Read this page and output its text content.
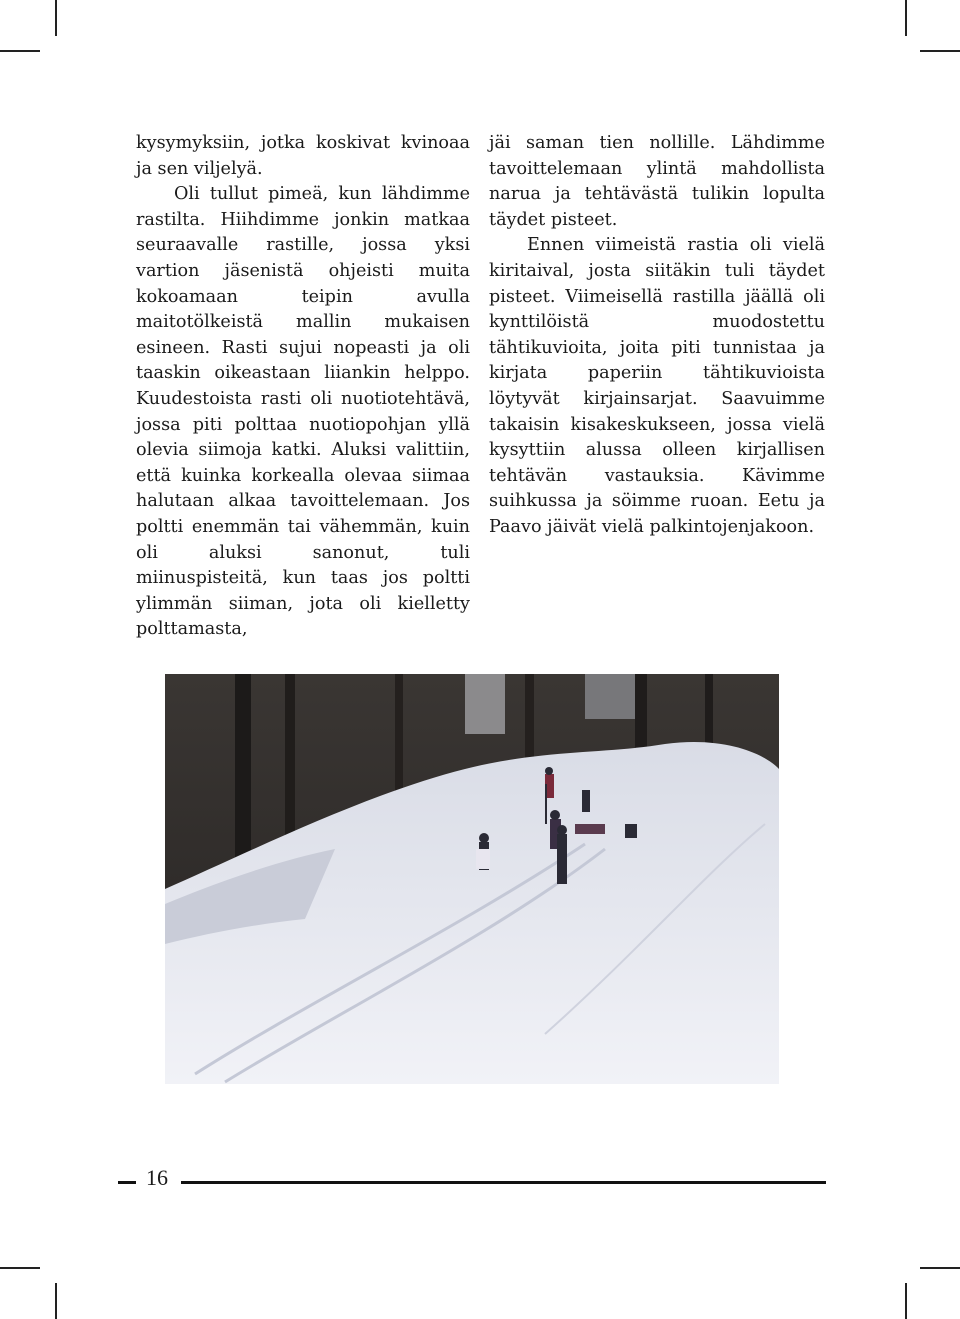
kysymyksiin, jotka koskivat kvinoaa ja sen viljelyä.

Oli tullut pimeä, kun lähdimme rastilta. Hiihdimme jonkin matkaa seuraavalle rastille, jossa yksi vartion jäsenistä ohjeisti muita kokoamaan teipin avulla maitotölkeistä mallin mukaisen esineen. Rasti sujui nopeasti ja oli taaskin oikeastaan liiankin helppo. Kuudestoista rasti oli nuotiotehtävä, jossa piti polttaa nuotiopohjan yllä olevia siimoja katki. Aluksi valittiin, että kuinka korkealla olevaa siimaa halutaan alkaa tavoittelemaan. Jos poltti enemmän tai vähemmän, kuin oli aluksi sanonut, tuli miinuspisteitä, kun taas jos poltti ylimmän siiman, jota oli kielletty polttamasta,

jäi saman tien nollille. Lähdimme tavoittelemaan ylintä mahdollista narua ja tehtävästä tulikin lopulta täydet pisteet.

Ennen viimeistä rastia oli vielä kiritaival, josta siitäkin tuli täydet pisteet. Viimeisellä rastilla jäällä oli kynttilöistä muodostettu tähtikuvioita, joita piti tunnistaa ja kirjata paperiin tähtikuvioista löytyvät kirjainsarjat. Saavuimme takaisin kisakeskukseen, jossa vielä kysyttiin alussa olleen kirjallisen tehtävän vastauksia. Kävimme suihkussa ja söimme ruoan. Eetu ja Paavo jäivät vielä palkintojenjakoon.

16
